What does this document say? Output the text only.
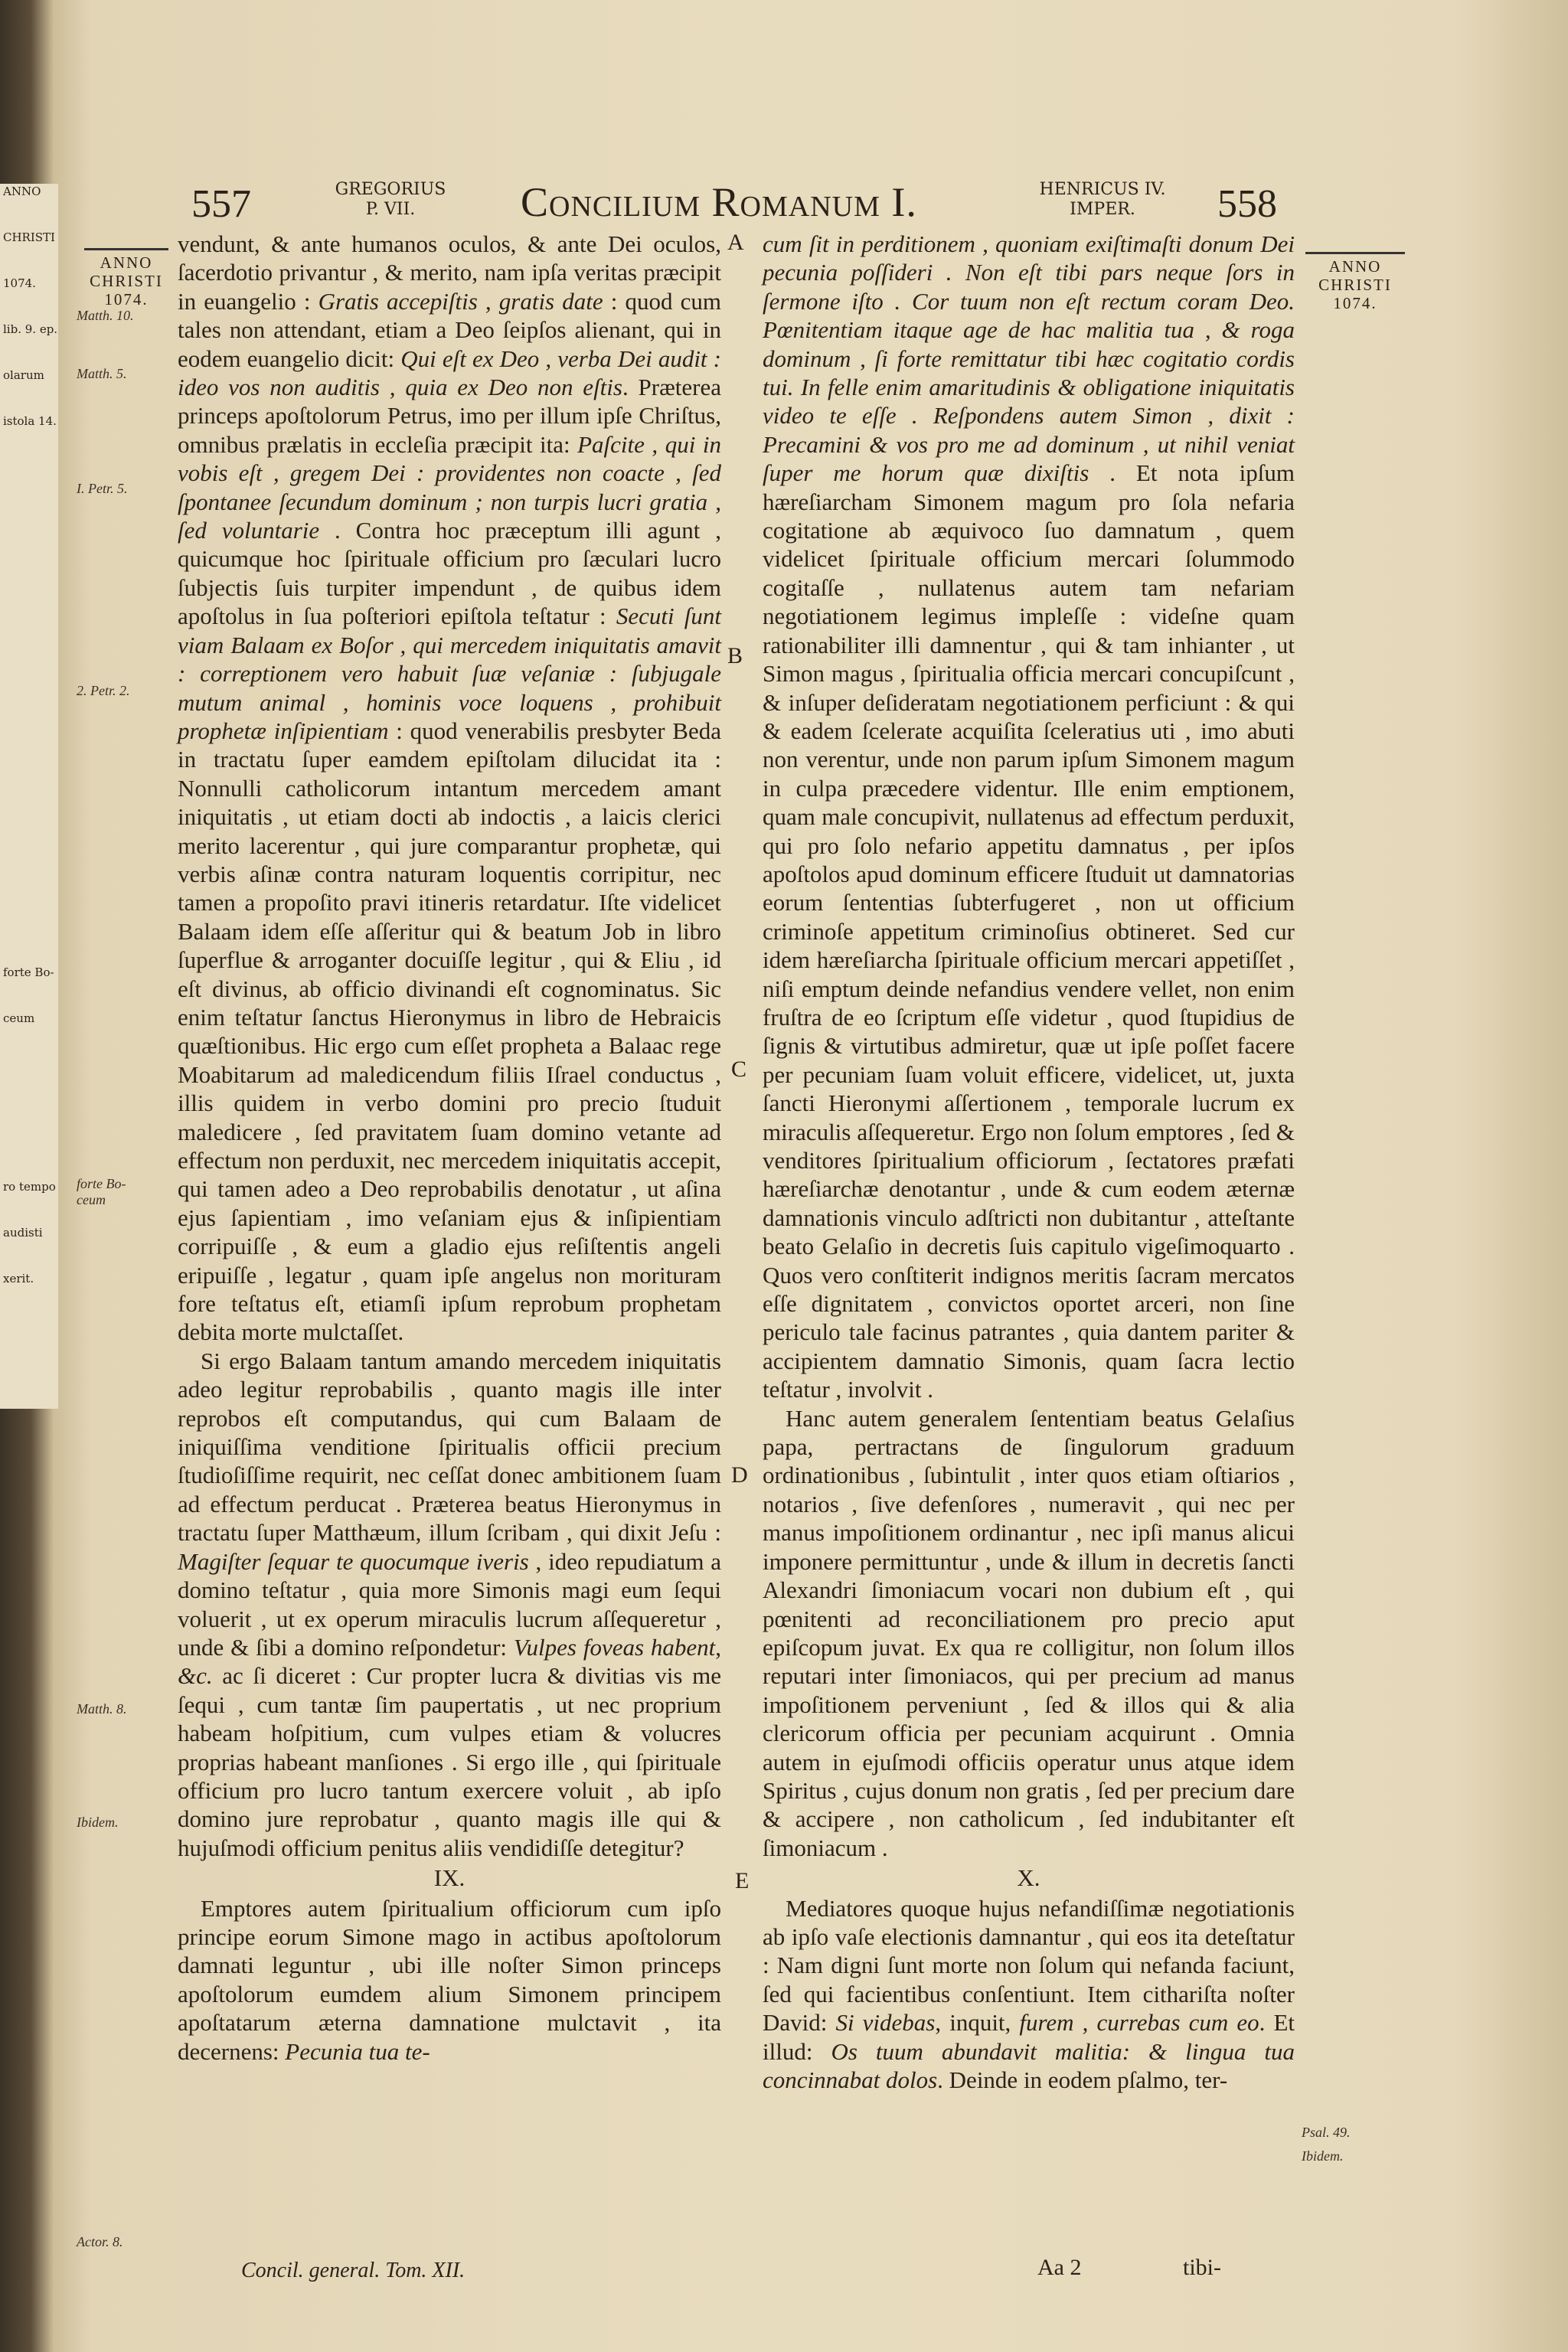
ANNO
CHRISTI
1074.
lib. 9. ep.
olarum
istola 14.
forte Bo-
ceum
ro tempo
audisti
xerit.
557	GREGORIUS
P. VII.	Concilium Romanum I.	HENRICUS IV.
IMPER.	558

ANNO
CHRISTI
1074.

ANNO
CHRISTI
1074.

Matth. 10.
Matth. 5.
I. Petr. 5.
2. Petr. 2.
forte Bo-
ceum
Matth. 8.
Ibidem.
Actor. 8.
Psal. 49.
Ibidem.
A
B
C
D
E

vendunt, & ante humanos oculos, & ante Dei oculos, ſacerdotio privantur , & merito, nam ipſa veritas præcipit in euangelio : Gratis accepiſtis , gratis date : quod cum tales non attendant, etiam a Deo ſeipſos alienant, qui in eodem euangelio dicit: Qui eſt ex Deo , verba Dei audit : ideo vos non auditis , quia ex Deo non eſtis. Præterea princeps apoſtolorum Petrus, imo per illum ipſe Chriſtus, omnibus prælatis in eccleſia præcipit ita: Paſcite , qui in vobis eſt , gregem Dei : providentes non coacte , ſed ſpontanee ſecundum dominum ; non turpis lucri gratia , ſed voluntarie . Contra hoc præceptum illi agunt , quicumque hoc ſpirituale officium pro ſæculari lucro ſubjectis ſuis turpiter impendunt , de quibus idem apoſtolus in ſua poſteriori epiſtola teſtatur : Secuti ſunt viam Balaam ex Boſor , qui mercedem iniquitatis amavit : correptionem vero habuit ſuæ veſaniæ : ſubjugale mutum animal , hominis voce loquens , prohibuit prophetæ inſipientiam : quod venerabilis presbyter Beda in tractatu ſuper eamdem epiſtolam dilucidat ita : Nonnulli catholicorum intantum mercedem amant iniquitatis , ut etiam docti ab indoctis , a laicis clerici merito lacerentur , qui jure comparantur prophetæ, qui verbis aſinæ contra naturam loquentis corripitur, nec tamen a propoſito pravi itineris retardatur. Iſte videlicet Balaam idem eſſe aſſeritur qui & beatum Job in libro ſuperflue & arroganter docuiſſe legitur , qui & Eliu , id eſt divinus, ab officio divinandi eſt cognominatus. Sic enim teſtatur ſanctus Hieronymus in libro de Hebraicis quæſtionibus. Hic ergo cum eſſet propheta a Balaac rege Moabitarum ad maledicendum filiis Iſrael conductus , illis quidem in verbo domini pro precio ſtuduit maledicere , ſed pravitatem ſuam domino vetante ad effectum non perduxit, nec mercedem iniquitatis accepit, qui tamen adeo a Deo reprobabilis denotatur , ut aſina ejus ſapientiam , imo veſaniam ejus & inſipientiam corripuiſſe , & eum a gladio ejus reſiſtentis angeli eripuiſſe , legatur , quam ipſe angelus non morituram fore teſtatus eſt, etiamſi ipſum reprobum prophetam debita morte mulctaſſet.

Si ergo Balaam tantum amando mercedem iniquitatis adeo legitur reprobabilis , quanto magis ille inter reprobos eſt computandus, qui cum Balaam de iniquiſſima venditione ſpiritualis officii precium ſtudioſiſſime requirit, nec ceſſat donec ambitionem ſuam ad effectum perducat . Præterea beatus Hieronymus in tractatu ſuper Matthæum, illum ſcribam , qui dixit Jeſu : Magiſter ſequar te quocumque iveris , ideo repudiatum a domino teſtatur , quia more Simonis magi eum ſequi voluerit , ut ex operum miraculis lucrum aſſequeretur , unde & ſibi a domino reſpondetur: Vulpes foveas habent, &c. ac ſi diceret : Cur propter lucra & divitias vis me ſequi , cum tantæ ſim paupertatis , ut nec proprium habeam hoſpitium, cum vulpes etiam & volucres proprias habeant manſiones . Si ergo ille , qui ſpirituale officium pro lucro tantum exercere voluit , ab ipſo domino jure reprobatur , quanto magis ille qui & hujuſmodi officium penitus aliis vendidiſſe detegitur?

IX.

Emptores autem ſpiritualium officiorum cum ipſo principe eorum Simone mago in actibus apoſtolorum damnati leguntur , ubi ille noſter Simon princeps apoſtolorum eumdem alium Simonem principem apoſtatarum æterna damnatione mulctavit , ita decernens: Pecunia tua te-

cum ſit in perditionem , quoniam exiſtimaſti donum Dei pecunia poſſideri . Non eſt tibi pars neque ſors in ſermone iſto . Cor tuum non eſt rectum coram Deo. Pœnitentiam itaque age de hac malitia tua , & roga dominum , ſi forte remittatur tibi hæc cogitatio cordis tui. In felle enim amaritudinis & obligatione iniquitatis video te eſſe . Reſpondens autem Simon , dixit : Precamini & vos pro me ad dominum , ut nihil veniat ſuper me horum quæ dixiſtis . Et nota ipſum hæreſiarcham Simonem magum pro ſola nefaria cogitatione ab æquivoco ſuo damnatum , quem videlicet ſpirituale officium mercari ſolummodo cogitaſſe , nullatenus autem tam nefariam negotiationem legimus impleſſe : videſne quam rationabiliter illi damnentur , qui & tam inhianter , ut Simon magus , ſpiritualia officia mercari concupiſcunt , & inſuper deſideratam negotiationem perficiunt : & qui & eadem ſcelerate acquiſita ſceleratius uti , imo abuti non verentur, unde non parum ipſum Simonem magum in culpa præcedere videntur. Ille enim emptionem, quam male concupivit, nullatenus ad effectum perduxit, qui pro ſolo nefario appetitu damnatus , per ipſos apoſtolos apud dominum efficere ſtuduit ut damnatorias eorum ſententias ſubterfugeret , non ut officium criminoſe appetitum criminoſius obtineret. Sed cur idem hæreſiarcha ſpirituale officium mercari appetiſſet , niſi emptum deinde nefandius vendere vellet, non enim fruſtra de eo ſcriptum eſſe videtur , quod ſtupidius de ſignis & virtutibus admiretur, quæ ut ipſe poſſet facere per pecuniam ſuam voluit efficere, videlicet, ut, juxta ſancti Hieronymi aſſertionem , temporale lucrum ex miraculis aſſequeretur. Ergo non ſolum emptores , ſed & venditores ſpiritualium officiorum , ſectatores præfati hæreſiarchæ denotantur , unde & cum eodem æternæ damnationis vinculo adſtricti non dubitantur , atteſtante beato Gelaſio in decretis ſuis capitulo vigeſimoquarto . Quos vero conſtiterit indignos meritis ſacram mercatos eſſe dignitatem , convictos oportet arceri, non ſine periculo tale facinus patrantes , quia dantem pariter & accipientem damnatio Simonis, quam ſacra lectio teſtatur , involvit .

Hanc autem generalem ſententiam beatus Gelaſius papa, pertractans de ſingulorum graduum ordinationibus , ſubintulit , inter quos etiam oſtiarios , notarios , ſive defenſores , numeravit , qui nec per manus impoſitionem ordinantur , nec ipſi manus alicui imponere permittuntur , unde & illum in decretis ſancti Alexandri ſimoniacum vocari non dubium eſt , qui pœnitenti ad reconciliationem pro precio aput epiſcopum juvat. Ex qua re colligitur, non ſolum illos reputari inter ſimoniacos, qui per precium ad manus impoſitionem perveniunt , ſed & illos qui & alia clericorum officia per pecuniam acquirunt . Omnia autem in ejuſmodi officiis operatur unus atque idem Spiritus , cujus donum non gratis , ſed per precium dare & accipere , non catholicum , ſed indubitanter eſt ſimoniacum .

X.

Mediatores quoque hujus nefandiſſimæ negotiationis ab ipſo vaſe electionis damnantur , qui eos ita deteſtatur : Nam digni ſunt morte non ſolum qui nefanda faciunt, ſed qui facientibus conſentiunt. Item cithariſta noſter David: Si videbas, inquit, furem , currebas cum eo. Et illud: Os tuum abundavit malitia: & lingua tua concinnabat dolos. Deinde in eodem pſalmo, ter-

Concil. general. Tom. XII.	Aa 2	tibi-
